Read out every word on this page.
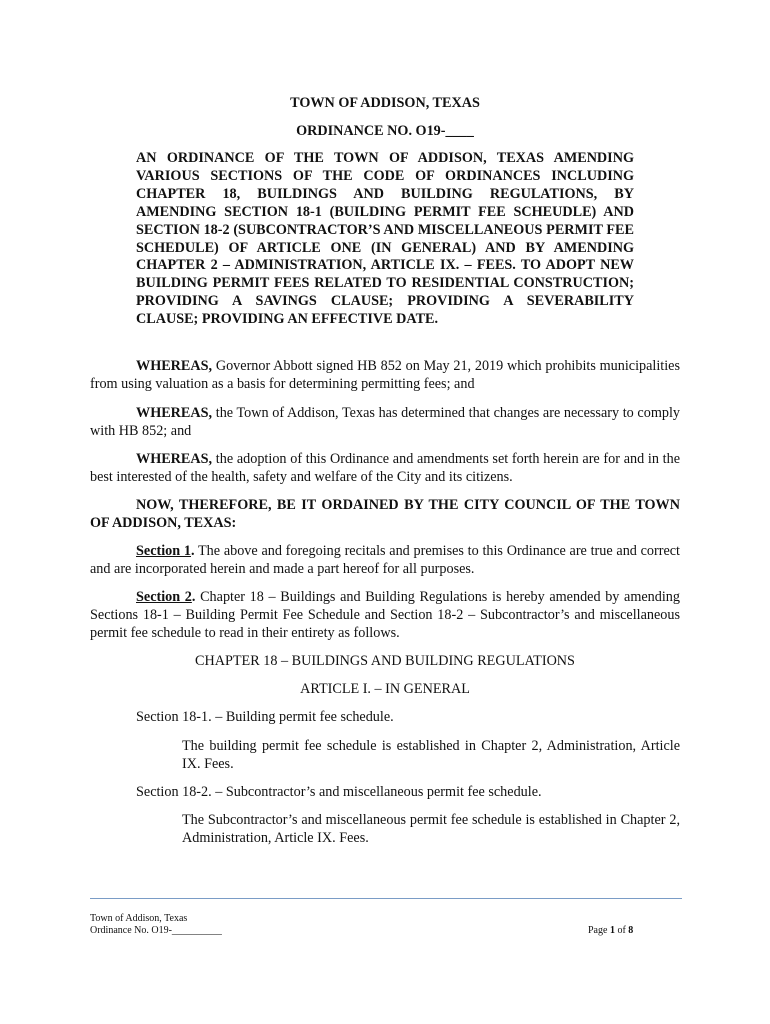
TOWN OF ADDISON, TEXAS
ORDINANCE NO. O19-____
AN ORDINANCE OF THE TOWN OF ADDISON, TEXAS AMENDING VARIOUS SECTIONS OF THE CODE OF ORDINANCES INCLUDING CHAPTER 18, BUILDINGS AND BUILDING REGULATIONS, BY AMENDING SECTION 18-1 (BUILDING PERMIT FEE SCHEUDLE) AND SECTION 18-2 (SUBCONTRACTOR’S AND MISCELLANEOUS PERMIT FEE SCHEDULE) OF ARTICLE ONE (IN GENERAL) AND BY AMENDING CHAPTER 2 – ADMINISTRATION, ARTICLE IX. – FEES. TO ADOPT NEW BUILDING PERMIT FEES RELATED TO RESIDENTIAL CONSTRUCTION; PROVIDING A SAVINGS CLAUSE; PROVIDING A SEVERABILITY CLAUSE; PROVIDING AN EFFECTIVE DATE.
WHEREAS, Governor Abbott signed HB 852 on May 21, 2019 which prohibits municipalities from using valuation as a basis for determining permitting fees; and
WHEREAS, the Town of Addison, Texas has determined that changes are necessary to comply with HB 852; and
WHEREAS, the adoption of this Ordinance and amendments set forth herein are for and in the best interested of the health, safety and welfare of the City and its citizens.
NOW, THEREFORE, BE IT ORDAINED BY THE CITY COUNCIL OF THE TOWN OF ADDISON, TEXAS:
Section 1. The above and foregoing recitals and premises to this Ordinance are true and correct and are incorporated herein and made a part hereof for all purposes.
Section 2. Chapter 18 – Buildings and Building Regulations is hereby amended by amending Sections 18-1 – Building Permit Fee Schedule and Section 18-2 – Subcontractor’s and miscellaneous permit fee schedule to read in their entirety as follows.
CHAPTER 18 – BUILDINGS AND BUILDING REGULATIONS
ARTICLE I. – IN GENERAL
Section 18-1. – Building permit fee schedule.
The building permit fee schedule is established in Chapter 2, Administration, Article IX. Fees.
Section 18-2. – Subcontractor’s and miscellaneous permit fee schedule.
The Subcontractor’s and miscellaneous permit fee schedule is established in Chapter 2, Administration, Article IX. Fees.
Town of Addison, Texas
Ordinance No. O19-__________	Page 1 of 8
